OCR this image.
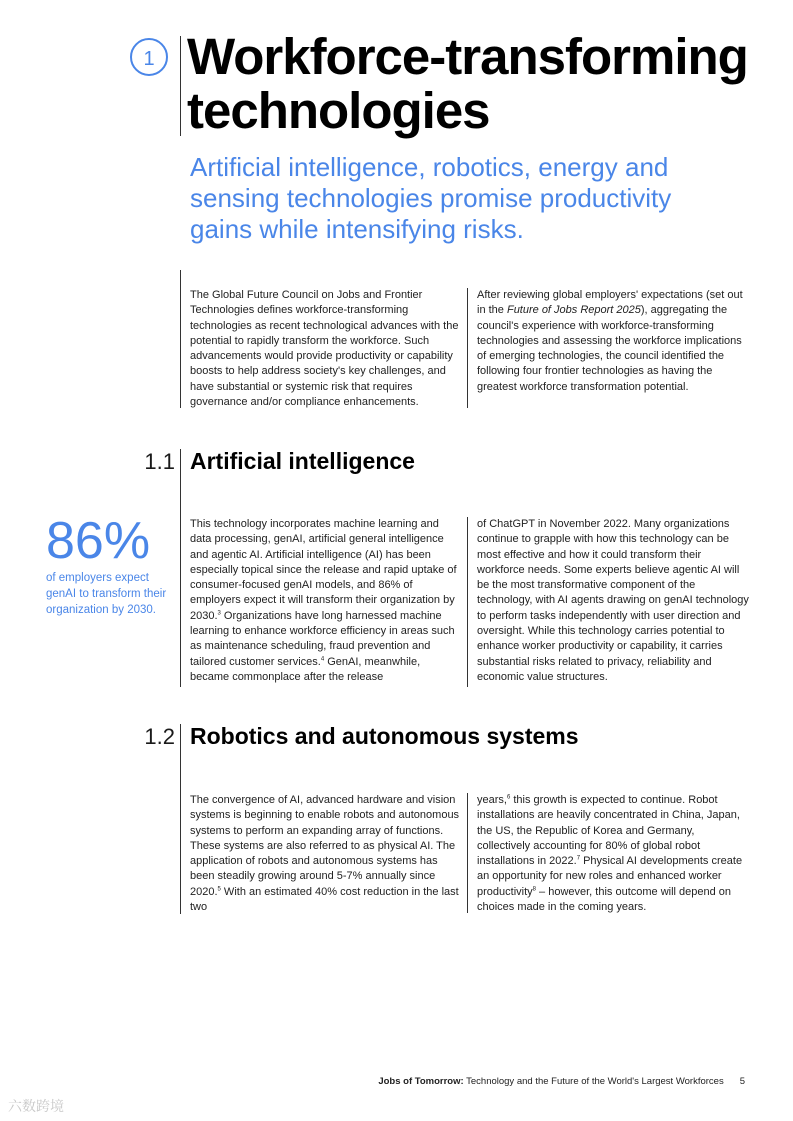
1 Workforce-transforming technologies
Artificial intelligence, robotics, energy and sensing technologies promise productivity gains while intensifying risks.
The Global Future Council on Jobs and Frontier Technologies defines workforce-transforming technologies as recent technological advances with the potential to rapidly transform the workforce. Such advancements would provide productivity or capability boosts to help address society's key challenges, and have substantial or systemic risk that requires governance and/or compliance enhancements.
After reviewing global employers' expectations (set out in the Future of Jobs Report 2025), aggregating the council's experience with workforce-transforming technologies and assessing the workforce implications of emerging technologies, the council identified the following four frontier technologies as having the greatest workforce transformation potential.
1.1 Artificial intelligence
86%
of employers expect genAI to transform their organization by 2030.
This technology incorporates machine learning and data processing, genAI, artificial general intelligence and agentic AI. Artificial intelligence (AI) has been especially topical since the release and rapid uptake of consumer-focused genAI models, and 86% of employers expect it will transform their organization by 2030.$^3$ Organizations have long harnessed machine learning to enhance workforce efficiency in areas such as maintenance scheduling, fraud prevention and tailored customer services.$^4$ GenAI, meanwhile, became commonplace after the release
of ChatGPT in November 2022. Many organizations continue to grapple with how this technology can be most effective and how it could transform their workforce needs. Some experts believe agentic AI will be the most transformative component of the technology, with AI agents drawing on genAI technology to perform tasks independently with user direction and oversight. While this technology carries potential to enhance worker productivity or capability, it carries substantial risks related to privacy, reliability and economic value structures.
1.2 Robotics and autonomous systems
The convergence of AI, advanced hardware and vision systems is beginning to enable robots and autonomous systems to perform an expanding array of functions. These systems are also referred to as physical AI. The application of robots and autonomous systems has been steadily growing around 5-7% annually since 2020.$^5$ With an estimated 40% cost reduction in the last two
years,$^6$ this growth is expected to continue. Robot installations are heavily concentrated in China, Japan, the US, the Republic of Korea and Germany, collectively accounting for 80% of global robot installations in 2022.$^7$ Physical AI developments create an opportunity for new roles and enhanced worker productivity$^8$ – however, this outcome will depend on choices made in the coming years.
Jobs of Tomorrow: Technology and the Future of the World's Largest Workforces 5
六数跨境
